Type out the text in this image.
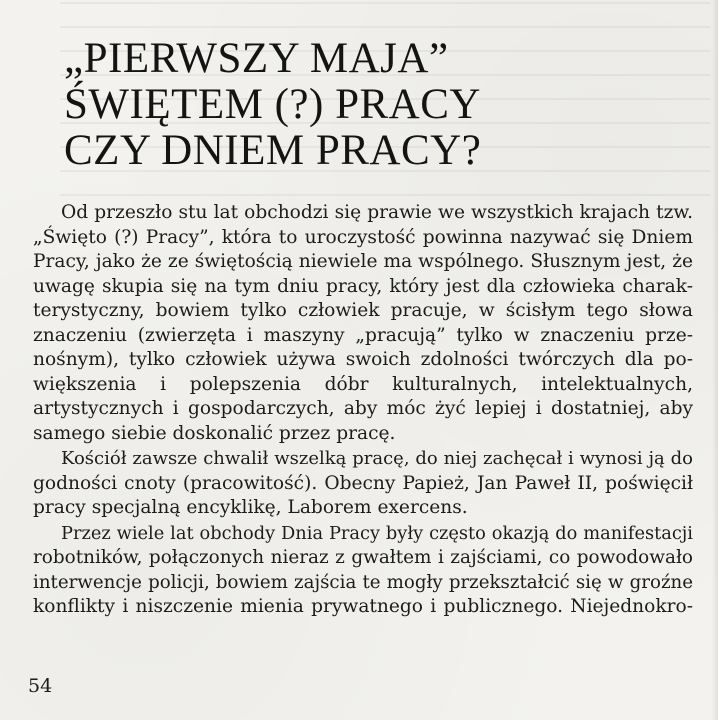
„PIERWSZY MAJA”
ŚWIĘTEM (?) PRACY
CZY DNIEM PRACY?
Od przeszło stu lat obchodzi się prawie we wszystkich krajach tzw.
„Święto (?) Pracy”, która to uroczystość powinna nazywać się Dniem
Pracy, jako że ze świętością niewiele ma wspólnego. Słusznym jest, że
uwagę skupia się na tym dniu pracy, który jest dla człowieka charak-
terystyczny, bowiem tylko człowiek pracuje, w ścisłym tego słowa
znaczeniu (zwierzęta i maszyny „pracują” tylko w znaczeniu prze-
nośnym), tylko człowiek używa swoich zdolności twórczych dla po-
większenia i polepszenia dóbr kulturalnych, intelektualnych,
artystycznych i gospodarczych, aby móc żyć lepiej i dostatniej, aby
samego siebie doskonalić przez pracę.
Kościół zawsze chwalił wszelką pracę, do niej zachęcał i wynosi ją do
godności cnoty (pracowitość). Obecny Papież, Jan Paweł II, poświęcił
pracy specjalną encyklikę, Laborem exercens.
Przez wiele lat obchody Dnia Pracy były często okazją do manifestacji
robotników, połączonych nieraz z gwałtem i zajściami, co powodowało
interwencje policji, bowiem zajścia te mogły przekształcić się w groźne
konflikty i niszczenie mienia prywatnego i publicznego. Niejednokro-
54
